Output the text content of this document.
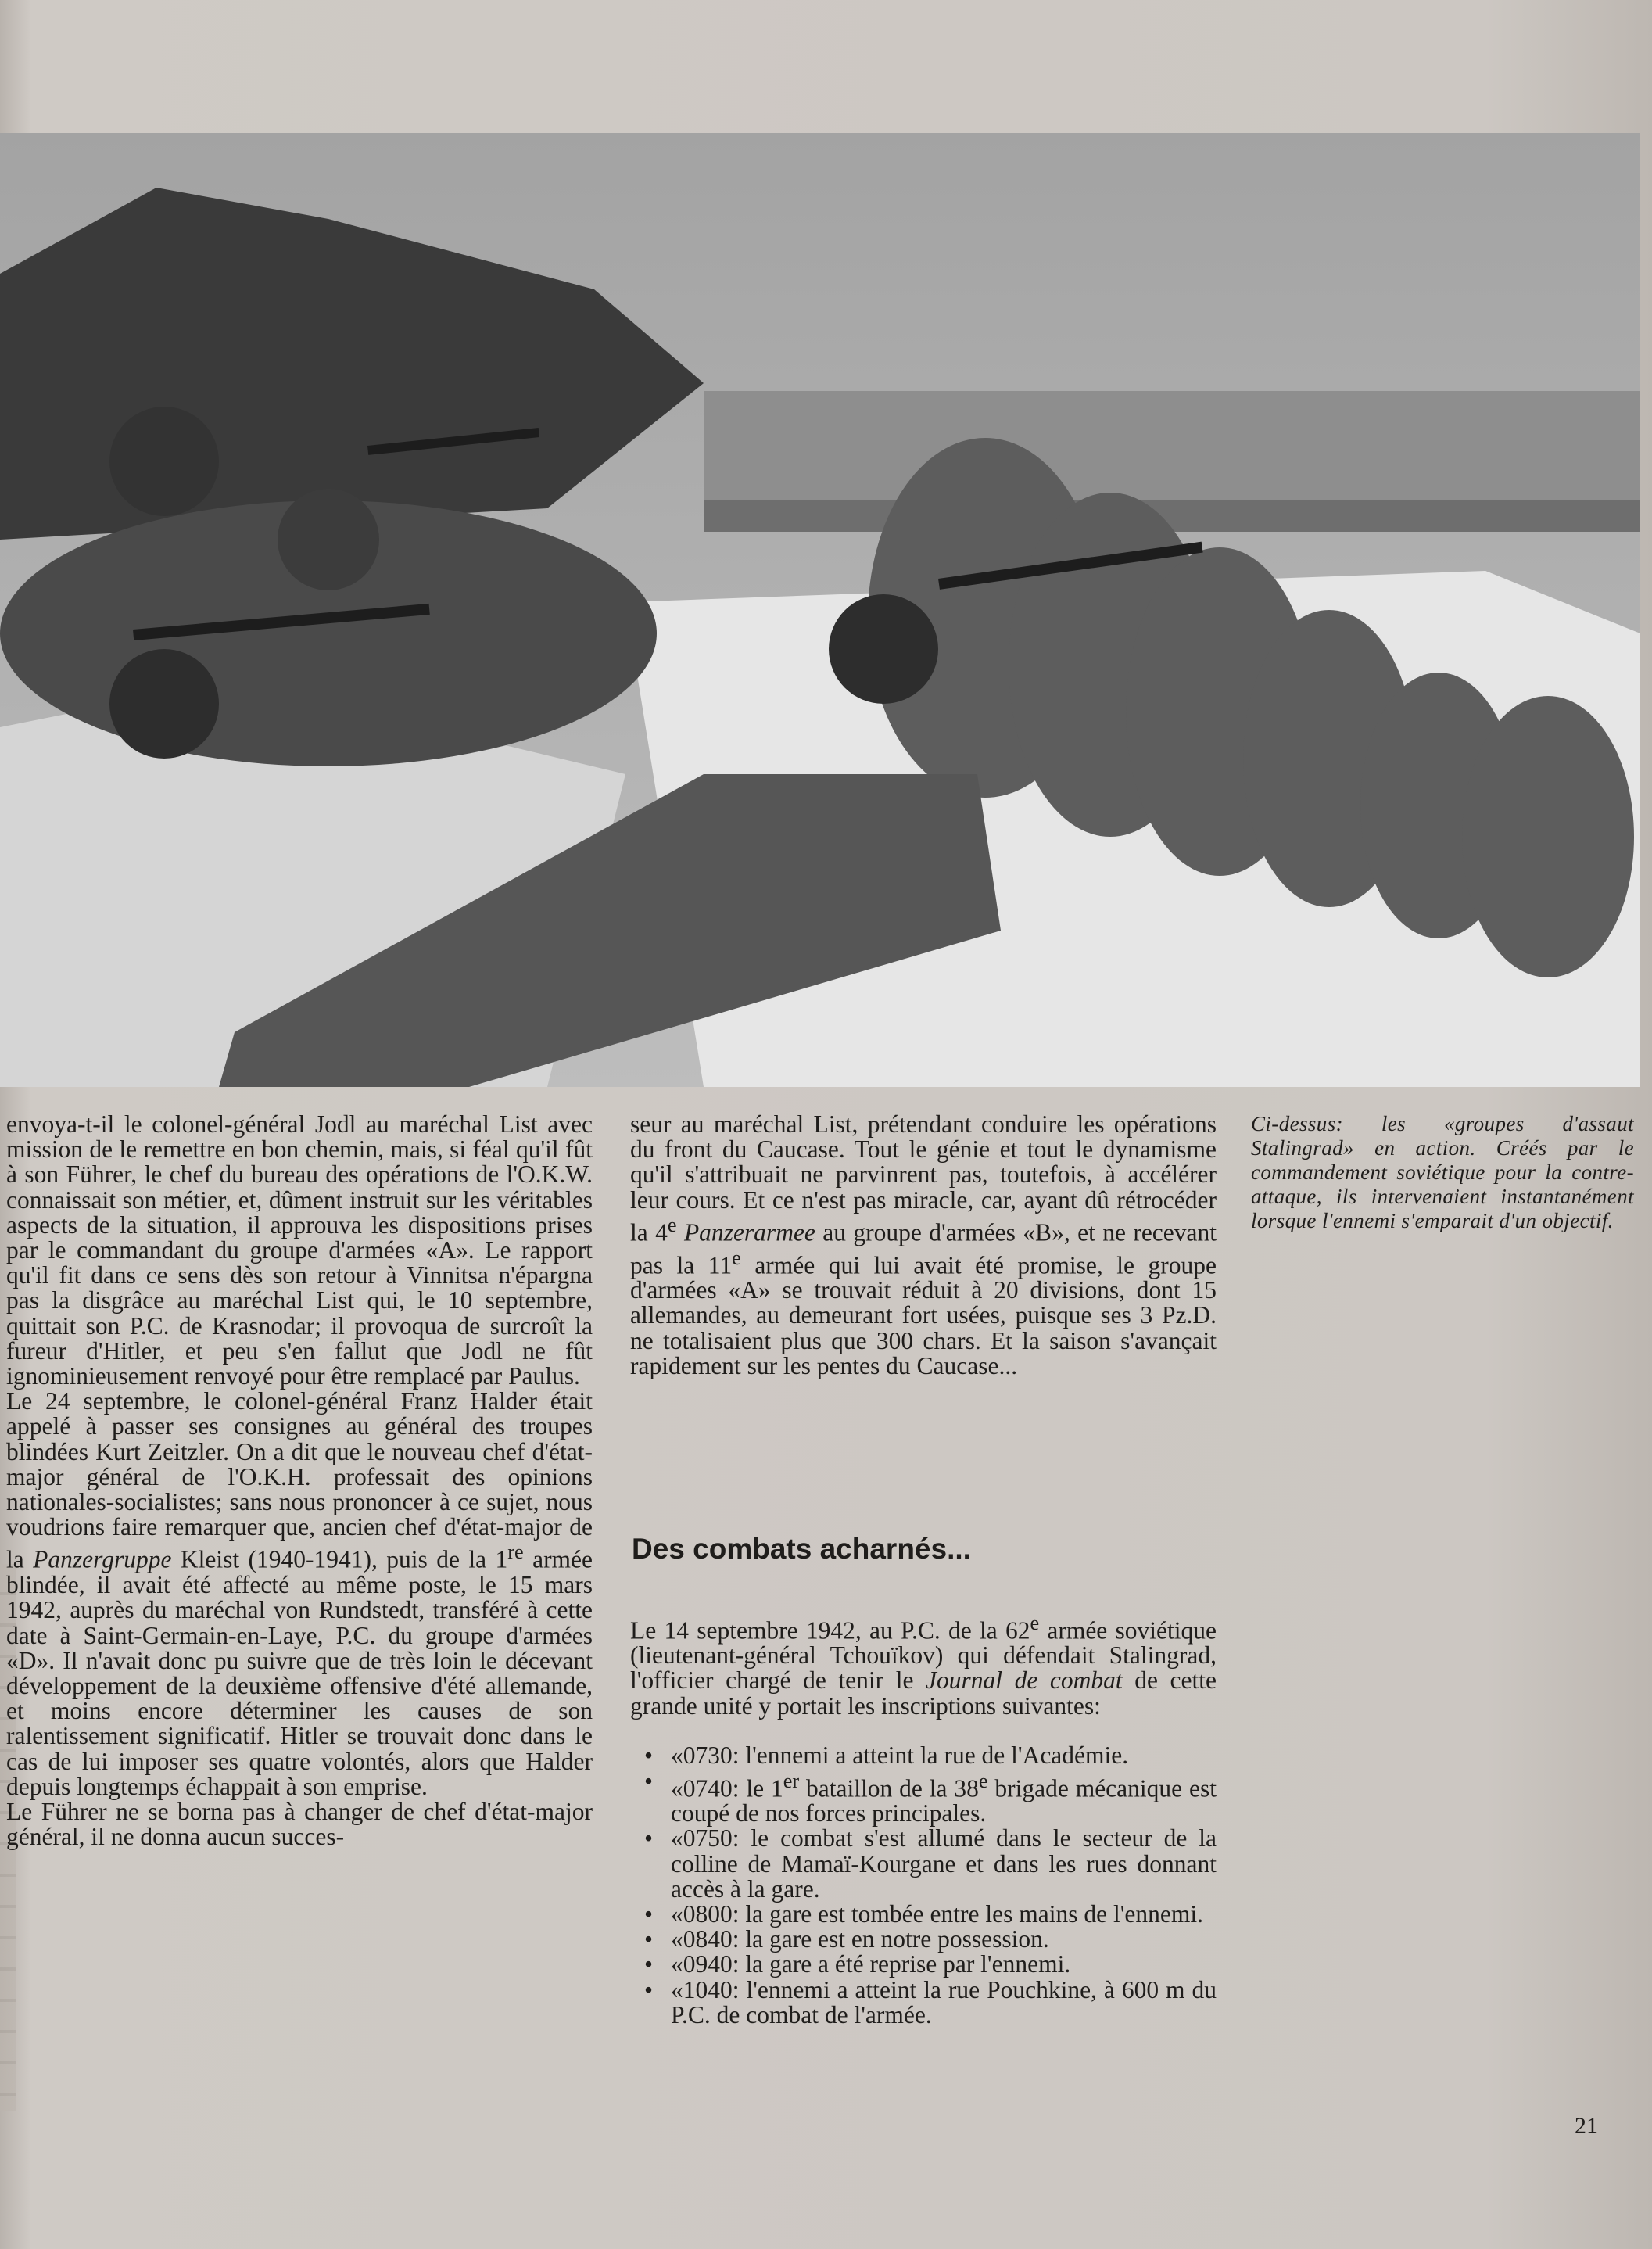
envoya-t-il le colonel-général Jodl au maréchal List avec mission de le remettre en bon chemin, mais, si féal qu'il fût à son Führer, le chef du bureau des opérations de l'O.K.W. connaissait son métier, et, dûment instruit sur les véritables aspects de la situation, il approuva les dispositions prises par le commandant du groupe d'armées «A». Le rapport qu'il fit dans ce sens dès son retour à Vinnitsa n'épargna pas la disgrâce au maréchal List qui, le 10 septembre, quittait son P.C. de Krasnodar; il provoqua de surcroît la fureur d'Hitler, et peu s'en fallut que Jodl ne fût ignominieusement renvoyé pour être remplacé par Paulus.

Le 24 septembre, le colonel-général Franz Halder était appelé à passer ses consignes au général des troupes blindées Kurt Zeitzler. On a dit que le nouveau chef d'état-major général de l'O.K.H. professait des opinions nationales-socialistes; sans nous prononcer à ce sujet, nous voudrions faire remarquer que, ancien chef d'état-major de la Panzergruppe Kleist (1940-1941), puis de la 1re armée blindée, il avait été affecté au même poste, le 15 mars 1942, auprès du maréchal von Rundstedt, transféré à cette date à Saint-Germain-en-Laye, P.C. du groupe d'armées «D». Il n'avait donc pu suivre que de très loin le décevant développement de la deuxième offensive d'été allemande, et moins encore déterminer les causes de son ralentissement significatif. Hitler se trouvait donc dans le cas de lui imposer ses quatre volontés, alors que Halder depuis longtemps échappait à son emprise.

Le Führer ne se borna pas à changer de chef d'état-major général, il ne donna aucun succes-

seur au maréchal List, prétendant conduire les opérations du front du Caucase. Tout le génie et tout le dynamisme qu'il s'attribuait ne parvinrent pas, toutefois, à accélérer leur cours. Et ce n'est pas miracle, car, ayant dû rétrocéder la 4e Panzerarmee au groupe d'armées «B», et ne recevant pas la 11e armée qui lui avait été promise, le groupe d'armées «A» se trouvait réduit à 20 divisions, dont 15 allemandes, au demeurant fort usées, puisque ses 3 Pz.D. ne totalisaient plus que 300 chars. Et la saison s'avançait rapidement sur les pentes du Caucase...

Des combats acharnés...

Le 14 septembre 1942, au P.C. de la 62e armée soviétique (lieutenant-général Tchouïkov) qui défendait Stalingrad, l'officier chargé de tenir le Journal de combat de cette grande unité y portait les inscriptions suivantes:

• «0730: l'ennemi a atteint la rue de l'Académie.
• «0740: le 1er bataillon de la 38e brigade mécanique est coupé de nos forces principales.
• «0750: le combat s'est allumé dans le secteur de la colline de Mamaï-Kourgane et dans les rues donnant accès à la gare.
• «0800: la gare est tombée entre les mains de l'ennemi.
• «0840: la gare est en notre possession.
• «0940: la gare a été reprise par l'ennemi.
• «1040: l'ennemi a atteint la rue Pouchkine, à 600 m du P.C. de combat de l'armée.
Ci-dessus: les «groupes d'assaut Stalingrad» en action. Créés par le commandement soviétique pour la contre-attaque, ils intervenaient instantanément lorsque l'ennemi s'emparait d'un objectif.
21
